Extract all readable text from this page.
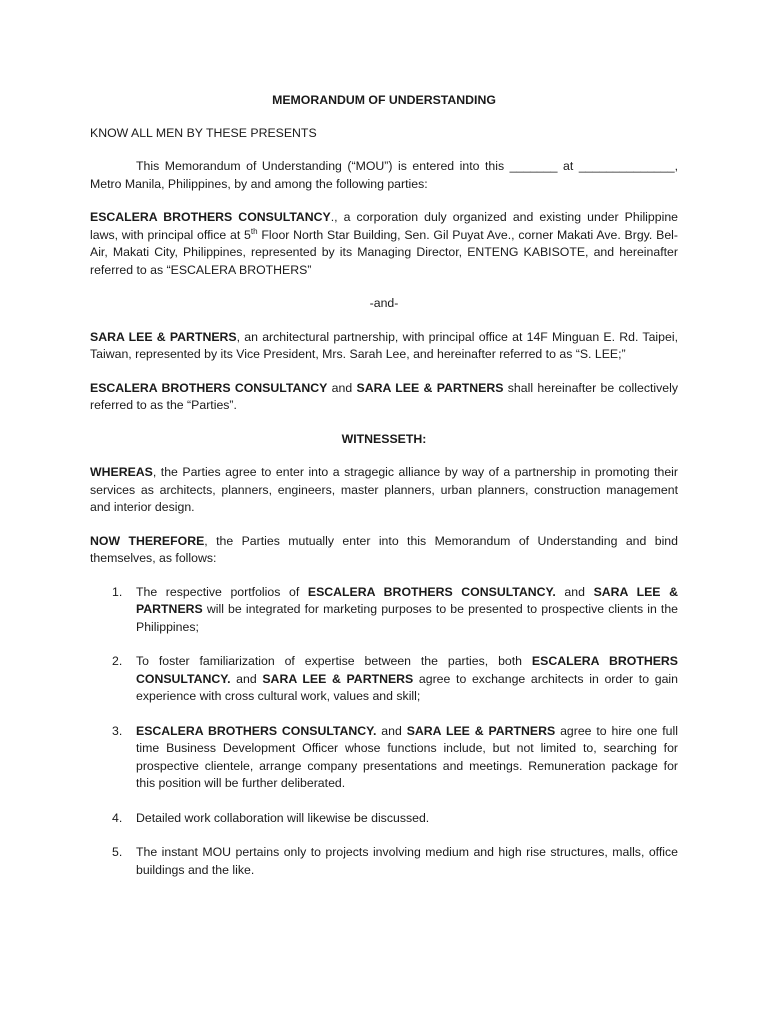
MEMORANDUM OF UNDERSTANDING

KNOW ALL MEN BY THESE PRESENTS

This Memorandum of Understanding (“MOU”) is entered into this _______ at ______________, Metro Manila, Philippines, by and among the following parties:

ESCALERA BROTHERS CONSULTANCY., a corporation duly organized and existing under Philippine laws, with principal office at 5th Floor North Star Building, Sen. Gil Puyat Ave., corner Makati Ave. Brgy. Bel-Air, Makati City, Philippines, represented by its Managing Director, ENTENG KABISOTE, and hereinafter referred to as “ESCALERA BROTHERS”

-and-

SARA LEE & PARTNERS, an architectural partnership, with principal office at 14F Minguan E. Rd. Taipei, Taiwan, represented by its Vice President, Mrs. Sarah Lee, and hereinafter referred to as “S. LEE;”

ESCALERA BROTHERS CONSULTANCY and SARA LEE & PARTNERS shall hereinafter be collectively referred to as the “Parties”.

WITNESSETH:

WHEREAS, the Parties agree to enter into a stragegic alliance by way of a partnership in promoting their services as architects, planners, engineers, master planners, urban planners, construction management and interior design.

NOW THEREFORE, the Parties mutually enter into this Memorandum of Understanding and bind themselves, as follows:

1. The respective portfolios of ESCALERA BROTHERS CONSULTANCY. and SARA LEE & PARTNERS will be integrated for marketing purposes to be presented to prospective clients in the Philippines;
2. To foster familiarization of expertise between the parties, both ESCALERA BROTHERS CONSULTANCY. and SARA LEE & PARTNERS agree to exchange architects in order to gain experience with cross cultural work, values and skill;
3. ESCALERA BROTHERS CONSULTANCY. and SARA LEE & PARTNERS agree to hire one full time Business Development Officer whose functions include, but not limited to, searching for prospective clientele, arrange company presentations and meetings. Remuneration package for this position will be further deliberated.
4. Detailed work collaboration will likewise be discussed.
5. The instant MOU pertains only to projects involving medium and high rise structures, malls, office buildings and the like.
